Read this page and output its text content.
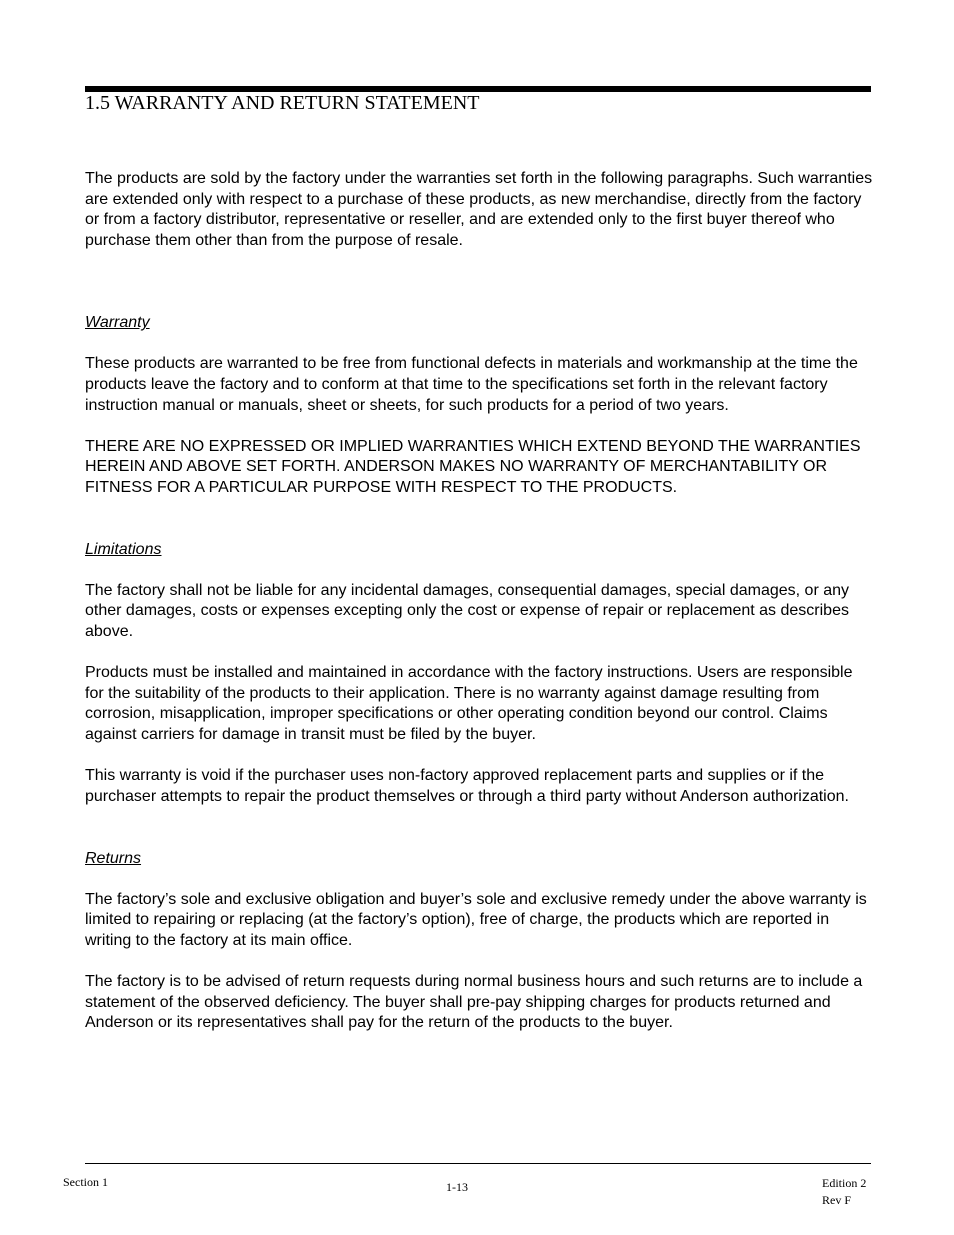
1.5 WARRANTY AND RETURN STATEMENT

The products are sold by the factory under the warranties set forth in the following paragraphs. Such warranties are extended only with respect to a purchase of these products, as new merchandise, directly from the factory or from a factory distributor, representative or reseller, and are extended only to the first buyer thereof who purchase them other than from the purpose of resale.

Warranty

These products are warranted to be free from functional defects in materials and workmanship at the time the products leave the factory and to conform at that time to the specifications set forth in the relevant factory instruction manual or manuals, sheet or sheets, for such products for a period of two years.

THERE ARE NO EXPRESSED OR IMPLIED WARRANTIES WHICH EXTEND BEYOND THE WARRANTIES HEREIN AND ABOVE SET FORTH. ANDERSON MAKES NO WARRANTY OF MERCHANTABILITY OR FITNESS FOR A PARTICULAR PURPOSE WITH RESPECT TO THE PRODUCTS.

Limitations

The factory shall not be liable for any incidental damages, consequential damages, special damages, or any other damages, costs or expenses excepting only the cost or expense of repair or replacement as describes above.

Products must be installed and maintained in accordance with the factory instructions. Users are responsible for the suitability of the products to their application. There is no warranty against damage resulting from corrosion, misapplication, improper specifications or other operating condition beyond our control. Claims against carriers for damage in transit must be filed by the buyer.

This warranty is void if the purchaser uses non-factory approved replacement parts and supplies or if the purchaser attempts to repair the product themselves or through a third party without Anderson authorization.

Returns

The factory’s sole and exclusive obligation and buyer’s sole and exclusive remedy under the above warranty is limited to repairing or replacing (at the factory’s option), free of charge, the products which are reported in writing to the factory at its main office.

The factory is to be advised of return requests during normal business hours and such returns are to include a statement of the observed deficiency. The buyer shall pre-pay shipping charges for products returned and Anderson or its representatives shall pay for the return of the products to the buyer.

Section 1	1-13	Edition 2
Rev F
